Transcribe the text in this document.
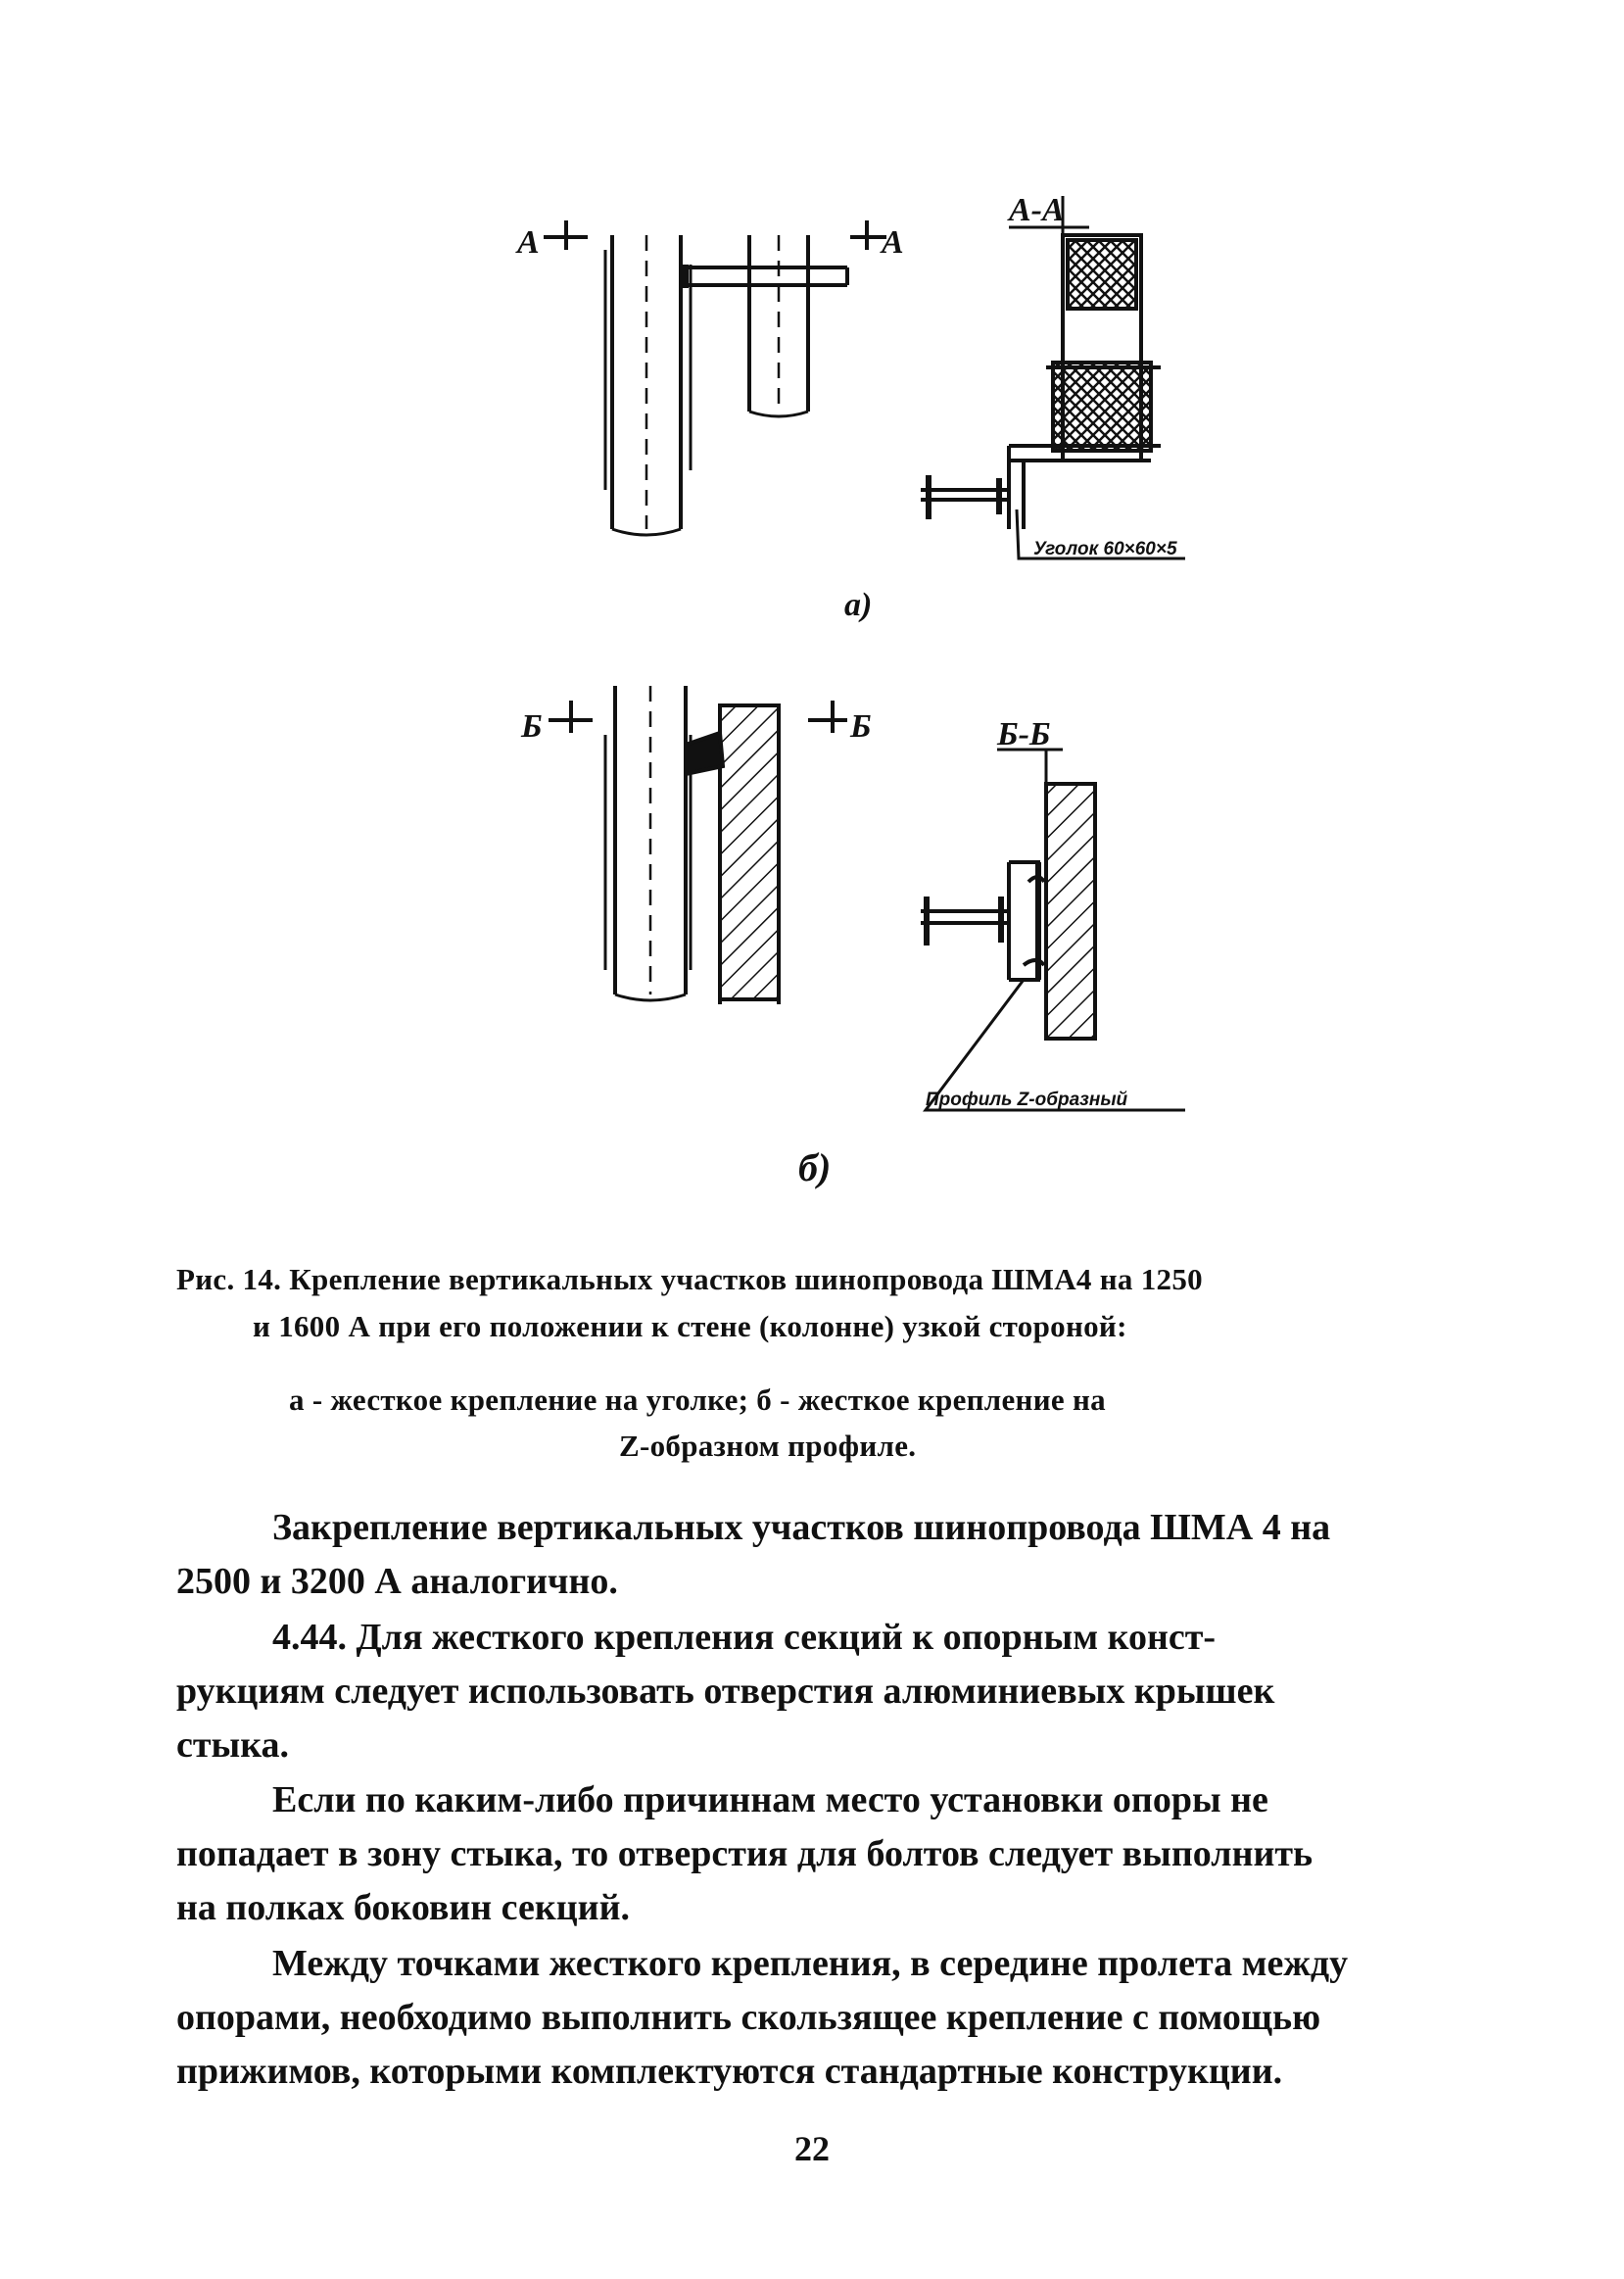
А	А
А-А
Уголок 60×60×5
а)
Б	Б	Б-Б
Профиль Z-образный
б)
Рис. 14. Крепление вертикальных участков шинопровода ШМА4 на 1250
и 1600 А при его положении к стене (колонне) узкой стороной:
а - жесткое крепление на уголке; б - жесткое крепление на
Z-образном профиле.
Закрепление вертикальных участков шинопровода ШМА 4 на
2500 и 3200 А аналогично.
4.44. Для жесткого крепления секций к опорным конст-
рукциям следует использовать отверстия алюминиевых крышек
стыка.
Если по каким-либо причиннам место установки опоры не
попадает в зону стыка, то отверстия для болтов следует выполнить
на полках боковин секций.
Между точками жесткого крепления, в середине пролета между
опорами, необходимо выполнить скользящее крепление с помощью
прижимов, которыми комплектуются стандартные конструкции.
22
